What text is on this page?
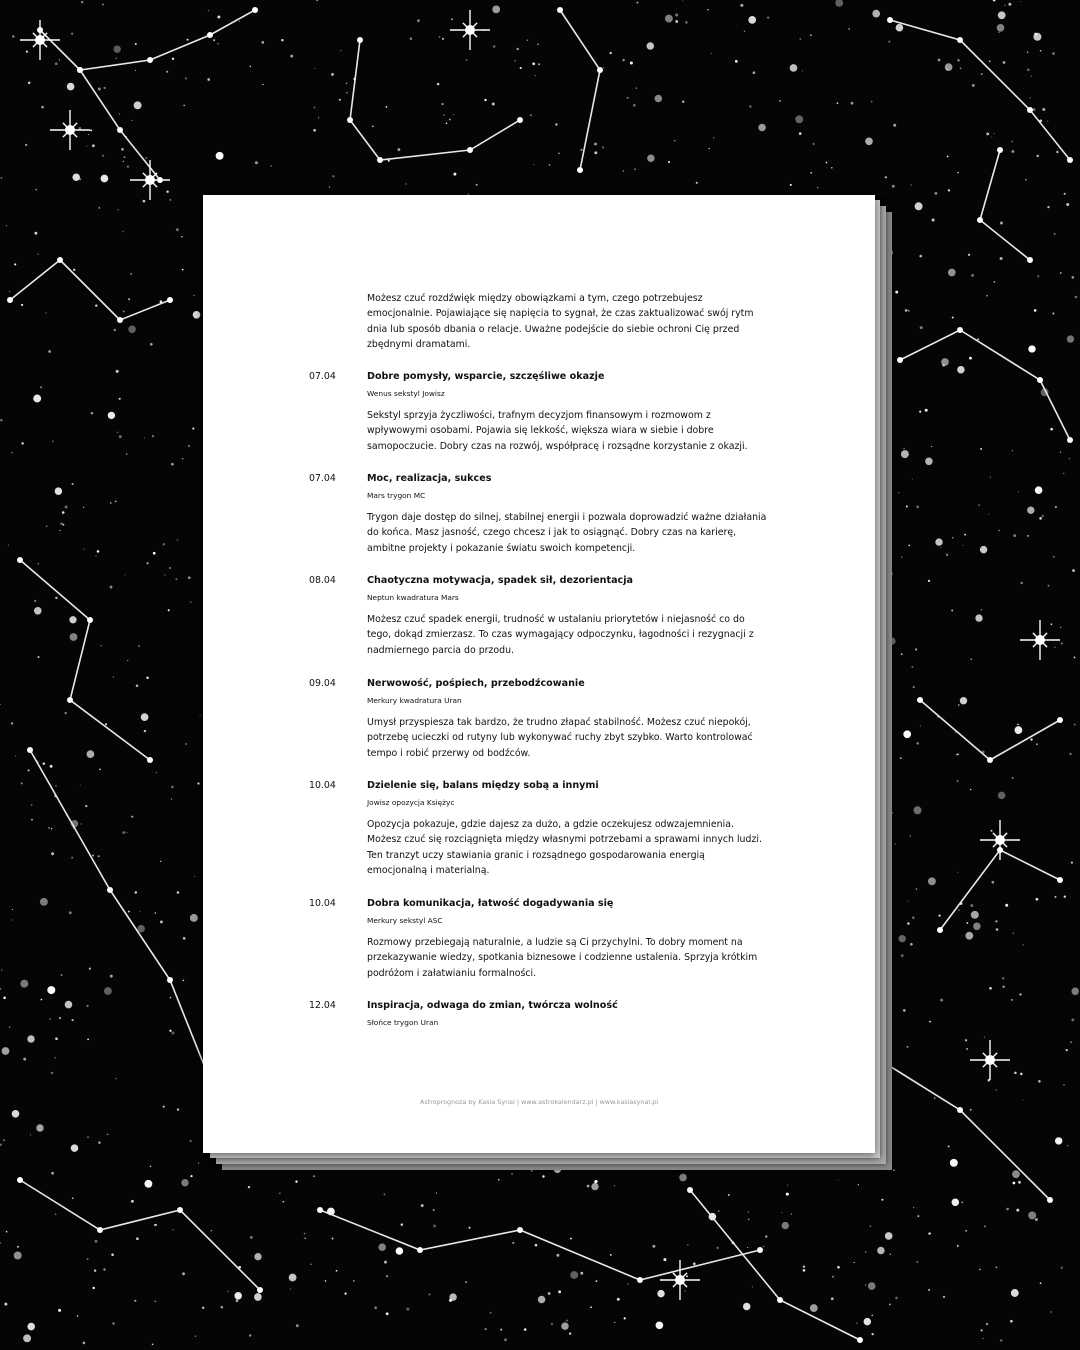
Możesz czuć rozdźwięk między obowiązkami a tym, czego potrzebujesz emocjonalnie. Pojawiające się napięcia to sygnał, że czas zaktualizować swój rytm dnia lub sposób dbania o relacje. Uważne podejście do siebie ochroni Cię przed zbędnymi dramatami.

07.04	Dobre pomysły, wsparcie, szczęśliwe okazje
Wenus sekstyl Jowisz

Sekstyl sprzyja życzliwości, trafnym decyzjom finansowym i rozmowom z wpływowymi osobami. Pojawia się lekkość, większa wiara w siebie i dobre samopoczucie. Dobry czas na rozwój, współpracę i rozsądne korzystanie z okazji.

07.04	Moc, realizacja, sukces
Mars trygon MC

Trygon daje dostęp do silnej, stabilnej energii i pozwala doprowadzić ważne działania do końca. Masz jasność, czego chcesz i jak to osiągnąć. Dobry czas na karierę, ambitne projekty i pokazanie światu swoich kompetencji.

08.04	Chaotyczna motywacja, spadek sił, dezorientacja
Neptun kwadratura Mars

Możesz czuć spadek energii, trudność w ustalaniu priorytetów i niejasność co do tego, dokąd zmierzasz. To czas wymagający odpoczynku, łagodności i rezygnacji z nadmiernego parcia do przodu.

09.04	Nerwowość, pośpiech, przebodźcowanie
Merkury kwadratura Uran

Umysł przyspiesza tak bardzo, że trudno złapać stabilność. Możesz czuć niepokój, potrzebę ucieczki od rutyny lub wykonywać ruchy zbyt szybko. Warto kontrolować tempo i robić przerwy od bodźców.

10.04	Dzielenie się, balans między sobą a innymi
Jowisz opozycja Księżyc

Opozycja pokazuje, gdzie dajesz za dużo, a gdzie oczekujesz odwzajemnienia. Możesz czuć się rozciągnięta między własnymi potrzebami a sprawami innych ludzi. Ten tranzyt uczy stawiania granic i rozsądnego gospodarowania energią emocjonalną i materialną.

10.04	Dobra komunikacja, łatwość dogadywania się
Merkury sekstyl ASC

Rozmowy przebiegają naturalnie, a ludzie są Ci przychylni. To dobry moment na przekazywanie wiedzy, spotkania biznesowe i codzienne ustalenia. Sprzyja krótkim podróżom i załatwianiu formalności.

12.04	Inspiracja, odwaga do zmian, twórcza wolność
Słońce trygon Uran
Astroprognoza by Kasia Synal | www.astrokalendarz.pl | www.kasiasynal.pl
